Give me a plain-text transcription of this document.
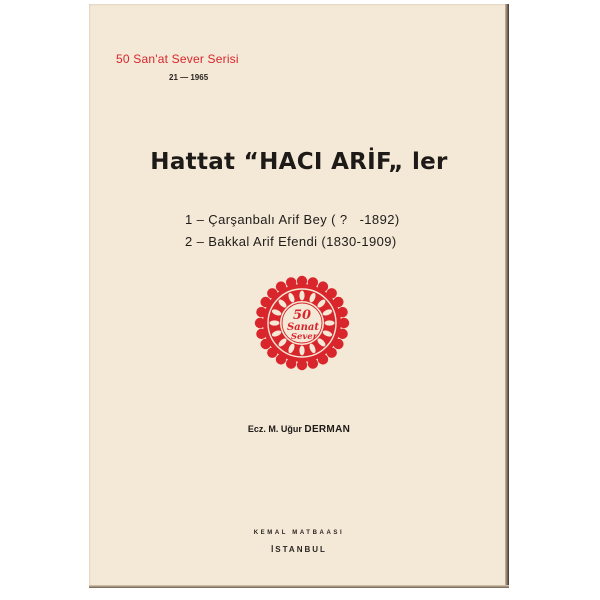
50 San'at Sever Serisi
21 — 1965
Hattat “HACI ARİF„ ler
1 – Çarşanbalı Arif Bey ( ?   -1892)
2 – Bakkal Arif Efendi (1830-1909)
50
Sanat
Sever
Ecz. M. Uğur DERMAN
KEMAL MATBAASI
İSTANBUL
